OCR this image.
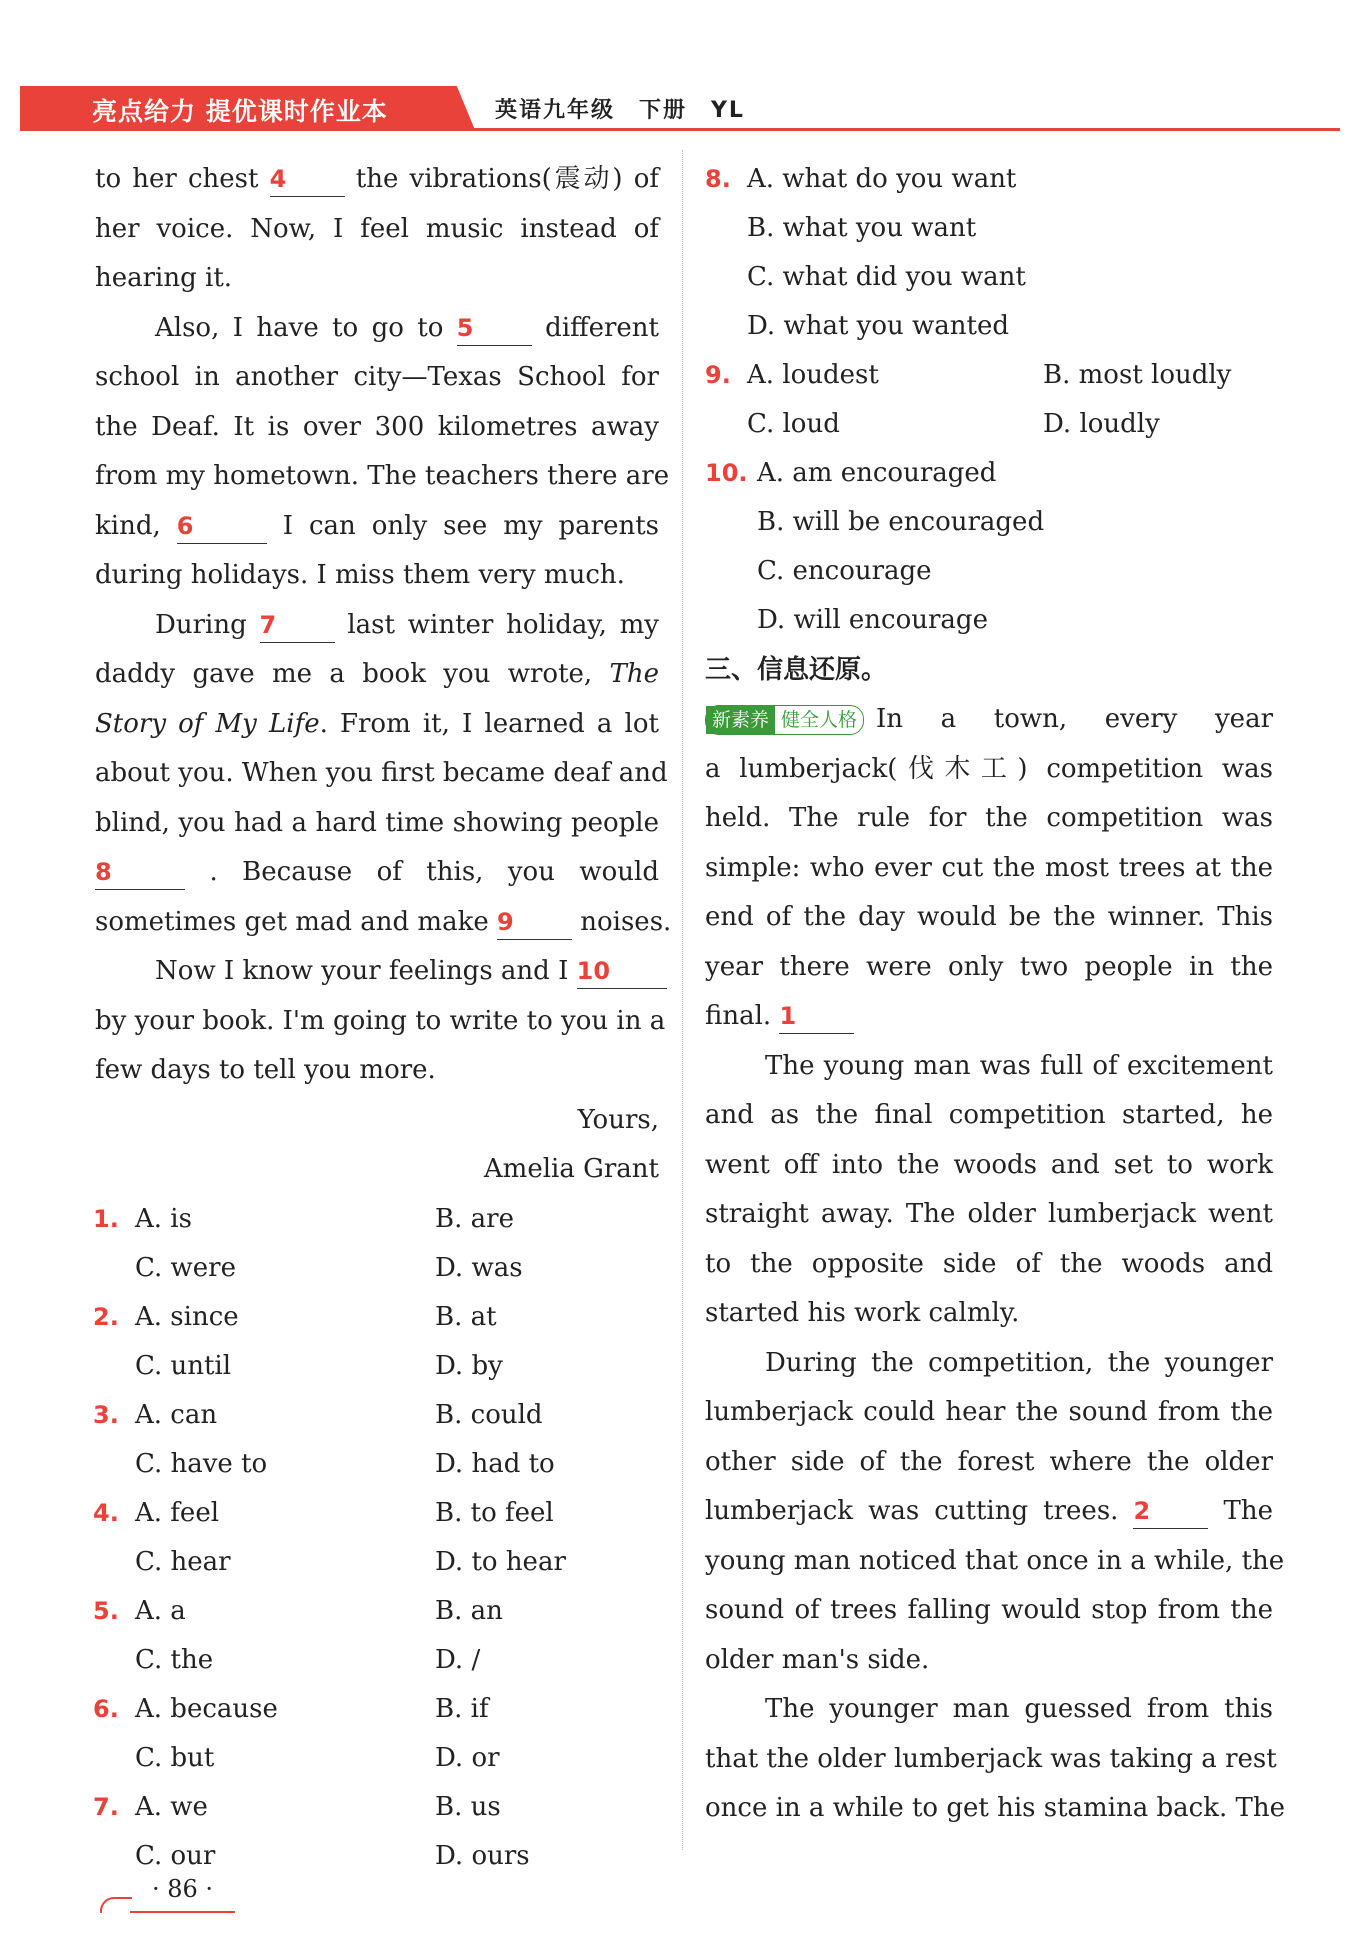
亮点给力 提优课时作业本	英语九年级　下册　YL
to her chest 4	the vibrations(震动) of
her voice. Now, I feel music instead of
hearing it.
Also, I have to go to 5	different
school in another city—Texas School for
the Deaf. It is over 300 kilometres away
from my hometown. The teachers there are
kind, 6	I can only see my parents
during holidays. I miss them very much.
During 7	last winter holiday, my
daddy gave me a book you wrote, The
Story of My Life. From it, I learned a lot
about you. When you first became deaf and
blind, you had a hard time showing people
8	. Because of this, you would
sometimes get mad and make 9	noises.
Now I know your feelings and I 10
by your book. I'm going to write to you in a
few days to tell you more.
Yours,
Amelia Grant
1. A. is	B. are
C. were	D. was
2. A. since	B. at
C. until	D. by
3. A. can	B. could
C. have to	D. had to
4. A. feel	B. to feel
C. hear	D. to hear
5. A. a	B. an
C. the	D. /
6. A. because	B. if
C. but	D. or
7. A. we	B. us
C. our	D. ours
8. A. what do you want
B. what you want
C. what did you want
D. what you wanted
9. A. loudest	B. most loudly
C. loud	D. loudly
10. A. am encouraged
B. will be encouraged
C. encourage
D. will encourage
三、信息还原。
新素养 健全人格 In a town, every year
a lumberjack(伐木工) competition was
held. The rule for the competition was
simple: who ever cut the most trees at the
end of the day would be the winner. This
year there were only two people in the
final. 1
The young man was full of excitement
and as the final competition started, he
went off into the woods and set to work
straight away. The older lumberjack went
to the opposite side of the woods and
started his work calmly.
During the competition, the younger
lumberjack could hear the sound from the
other side of the forest where the older
lumberjack was cutting trees. 2	The
young man noticed that once in a while, the
sound of trees falling would stop from the
older man's side.
The younger man guessed from this
that the older lumberjack was taking a rest
once in a while to get his stamina back. The
· 86 ·
